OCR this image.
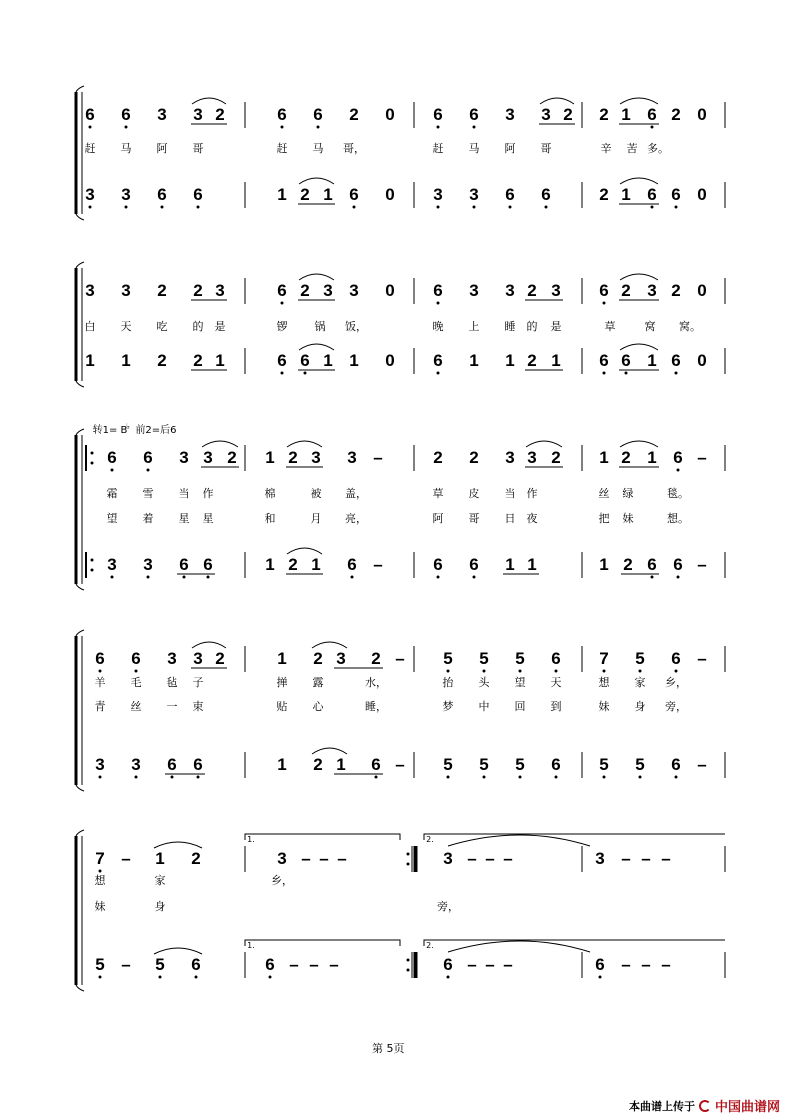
6 6 3 3 2	6 6 2 0 6 6 3 3 2 2 1 6 2 0
3 3 6 6	1 2 1 6 0 3 3 6 6	2 1 6 6 0
赶 马 阿 哥	赶 马 哥，	赶 马 阿 哥	辛 苦 多。
3 3 2 2 3	6 2 3 3 0 6 3 3 2 3 6 2 3 2 0
1 1 2 2 1	6 6 1 1 0 6 1 1 2 1 6 6 1 6 0
白 天 吃 的 是	锣 锅 饭，	晚 上 睡 的 是	草	窝 窝。
转1= B
♭ 前2=后6
6 6 3 3 2 1 2 3 3 –	2 2 3 3 2 1 2 1 6 –
3 3 6 6	1 2 1 6 –	6 6 1 1	1 2 6 6 –
霜 雪 当 作	棉	被 盖，	草 皮 当 作	丝 绿	毯。
望 着 星 星	和	月 亮，	阿 哥 日 夜	把 妹	想。
6 6 3 3 2	1 2 3 2 – 5 5 5 6 7 5 6 –
3 3 6 6	1 2 1 6 – 5 5 5 6 5 5 6 –
羊 毛 毡 子	掸 露	水，	抬 头 望 天	想 家 乡，
青 丝 一 束	贴 心	睡，	梦 中 回 到	妹 身 旁，
1.	2.
1.	2.
7 – 1 2	3 – – –	3 – – –	3 – – –
5 – 5 6	6 – – –	6 – – –	6 – – –
想	家	乡，
妹	身	旁，
第 5页
本曲谱上传于 中国曲谱网
